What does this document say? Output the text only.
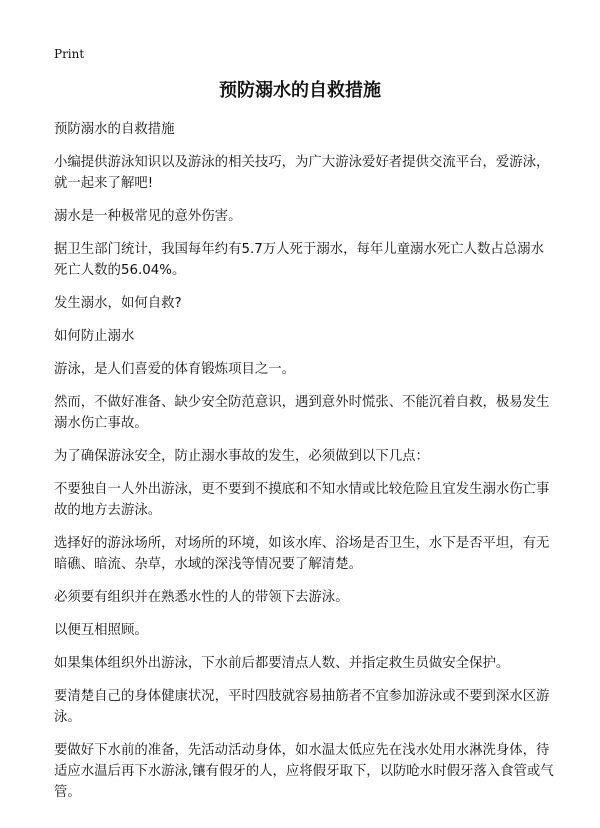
Print
预防溺水的自救措施

预防溺水的自救措施

小编提供游泳知识以及游泳的相关技巧，为广大游泳爱好者提供交流平台，爱游泳，就一起来了解吧!

溺水是一种极常见的意外伤害。

据卫生部门统计，我国每年约有5.7万人死于溺水，每年儿童溺水死亡人数占总溺水死亡人数的56.04%。

发生溺水，如何自救?

如何防止溺水

游泳，是人们喜爱的体育锻炼项目之一。

然而，不做好准备、缺少安全防范意识，遇到意外时慌张、不能沉着自救，极易发生溺水伤亡事故。

为了确保游泳安全，防止溺水事故的发生，必须做到以下几点：

不要独自一人外出游泳，更不要到不摸底和不知水情或比较危险且宜发生溺水伤亡事故的地方去游泳。

选择好的游泳场所，对场所的环境，如该水库、浴场是否卫生，水下是否平坦，有无暗礁、暗流、杂草，水域的深浅等情况要了解清楚。

必须要有组织并在熟悉水性的人的带领下去游泳。

以便互相照顾。

如果集体组织外出游泳，下水前后都要清点人数、并指定救生员做安全保护。

要清楚自己的身体健康状况，平时四肢就容易抽筋者不宜参加游泳或不要到深水区游泳。

要做好下水前的准备，先活动活动身体，如水温太低应先在浅水处用水淋洗身体，待适应水温后再下水游泳,镶有假牙的人，应将假牙取下，以防呛水时假牙落入食管或气管。
